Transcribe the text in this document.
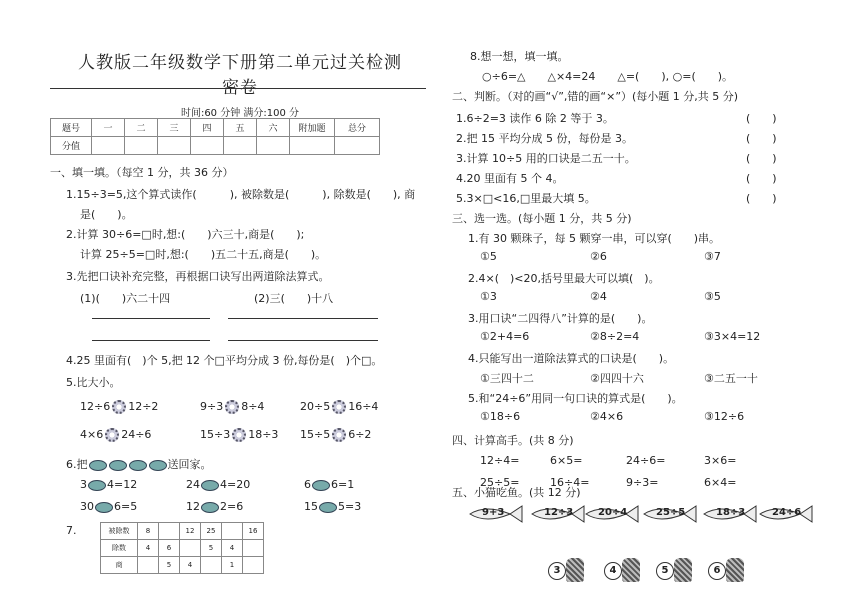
人教版二年级数学下册第二单元过关检测密卷
时间:60 分钟 满分:100 分
题号	一	二	三	四	五	六	附加题	总分
分值								
一、填一填。（每空 1 分，共 36 分）
1.15÷3=5,这个算式读作(　　　), 被除数是(　　　), 除数是(　　), 商
是(　　)。
2.计算 30÷6=□时,想:(　　)六三十,商是(　　);
计算 25÷5=□时,想:(　　)五二十五,商是(　　)。
3.先把口诀补充完整，再根据口诀写出两道除法算式。
(1)(　　)六二十四	(2)三(　　)十八
4.25 里面有(　)个 5,把 12 个□平均分成 3 份,每份是(　)个□。
5.比大小。
12÷6 12÷2	9÷3 8÷4	20÷5 16÷4
4×6 24÷6	15÷3 18÷3 15÷5 6÷2
6.把	送回家。
3 4=12	24 4=20	6 6=1
30 6=5	12 2=6	15 5=3
7.	被除数	8		12	25		16
除数	4	6		5	4	
商		5	4		1	
8.想一想，填一填。
○÷6=△　　△×4=24　　△=(　　), ○=(　　)。
二、判断。（对的画“√”,错的画“×”）(每小题 1 分,共 5 分)
1.6÷2=3 读作 6 除 2 等于 3。	(　　)
2.把 15 平均分成 5 份，每份是 3。	(　　)
3.计算 10÷5 用的口诀是二五一十。	(　　)
4.20 里面有 5 个 4。	(　　)
5.3×□<16,□里最大填 5。	(　　)
三、选一选。(每小题 1 分，共 5 分)
1.有 30 颗珠子，每 5 颗穿一串，可以穿(　　)串。
①5	②6	③7
2.4×(　)<20,括号里最大可以填(　)。
①3	②4	③5
3.用口诀“二四得八”计算的是(　　)。
①2+4=6	②8÷2=4	③3×4=12
4.只能写出一道除法算式的口诀是(　　)。
①三四十二	②四四十六	③二五一十
5.和“24÷6”用同一句口诀的算式是(　　)。
①18÷6	②4×6	③12÷6
四、计算高手。(共 8 分)
12÷4=	6×5=	24÷6=	3×6=
25÷5=	16÷4=	9÷3=	6×4=
五、小猫吃鱼。(共 12 分)
9+3	12÷3 20÷4	25÷5	18÷3	24÷6
3	4	5	6
